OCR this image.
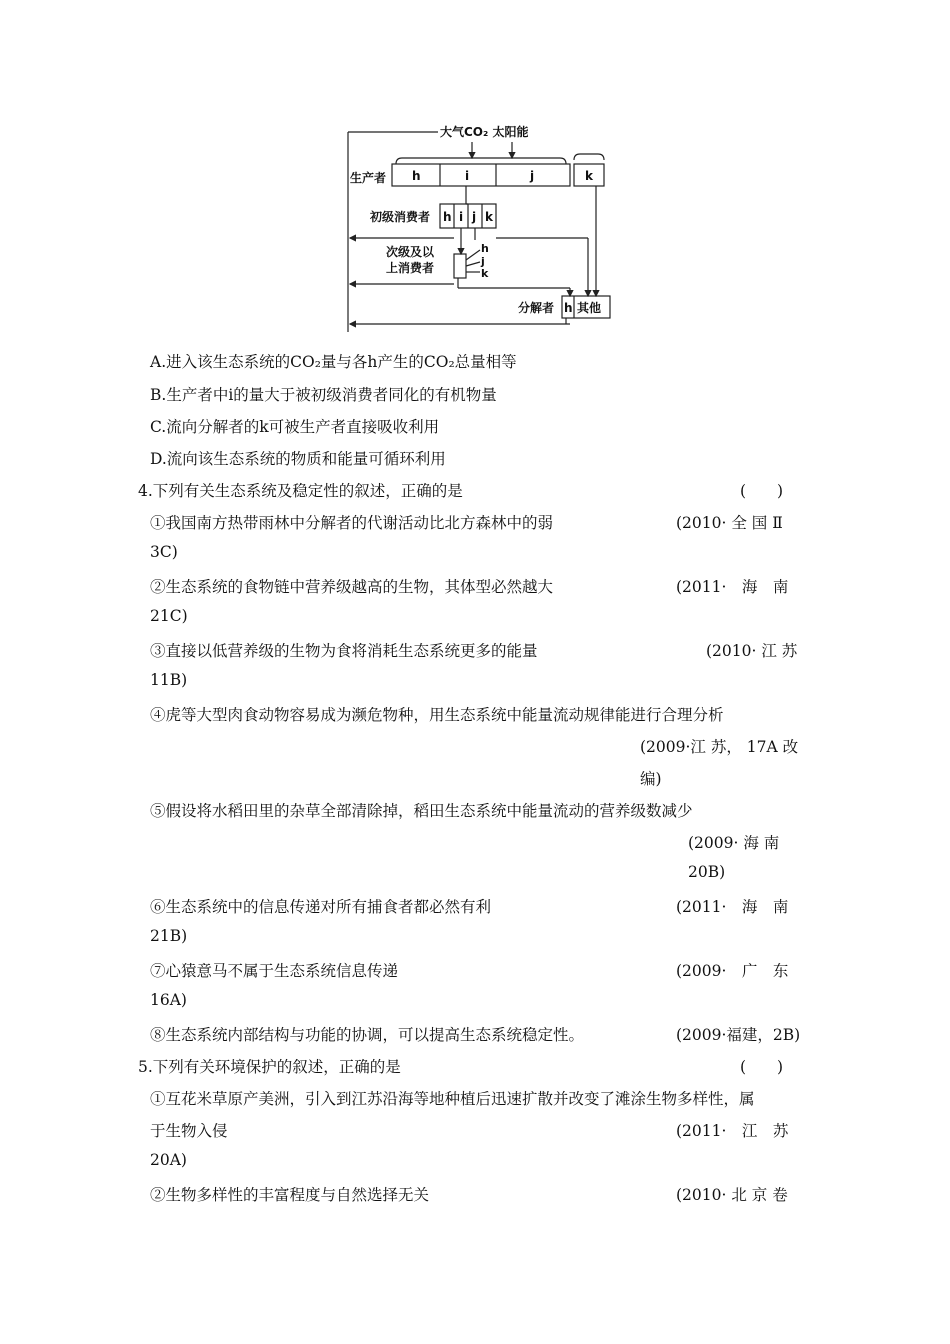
大气CO₂ 太阳能
生产者 h	i	j	k
初级消费者 h i j k
次级及以
上消费者
h
j
k
分解者 h 其他
A.进入该生态系统的CO₂量与各h产生的CO₂总量相等
B.生产者中i的量大于被初级消费者同化的有机物量
C.流向分解者的k可被生产者直接吸收利用
D.流向该生态系统的物质和能量可循环利用
4.下列有关生态系统及稳定性的叙述，正确的是	(　　)
①我国南方热带雨林中分解者的代谢活动比北方森林中的弱	(2010· 全 国 Ⅱ
3C)
②生态系统的食物链中营养级越高的生物，其体型必然越大	(2011·　海　南
21C)
③直接以低营养级的生物为食将消耗生态系统更多的能量	(2010· 江 苏
11B)
④虎等大型肉食动物容易成为濒危物种，用生态系统中能量流动规律能进行合理分析
(2009·江 苏， 17A 改
编)
⑤假设将水稻田里的杂草全部清除掉，稻田生态系统中能量流动的营养级数减少
(2009· 海 南
20B)
⑥生态系统中的信息传递对所有捕食者都必然有利	(2011·　海　南
21B)
⑦心猿意马不属于生态系统信息传递	(2009·　广　东
16A)
⑧生态系统内部结构与功能的协调，可以提高生态系统稳定性。	(2009·福建，2B)
5.下列有关环境保护的叙述，正确的是	(　　)
①互花米草原产美洲，引入到江苏沿海等地种植后迅速扩散并改变了滩涂生物多样性，属
于生物入侵	(2011·　江　苏
20A)
②生物多样性的丰富程度与自然选择无关	(2010· 北 京 卷
